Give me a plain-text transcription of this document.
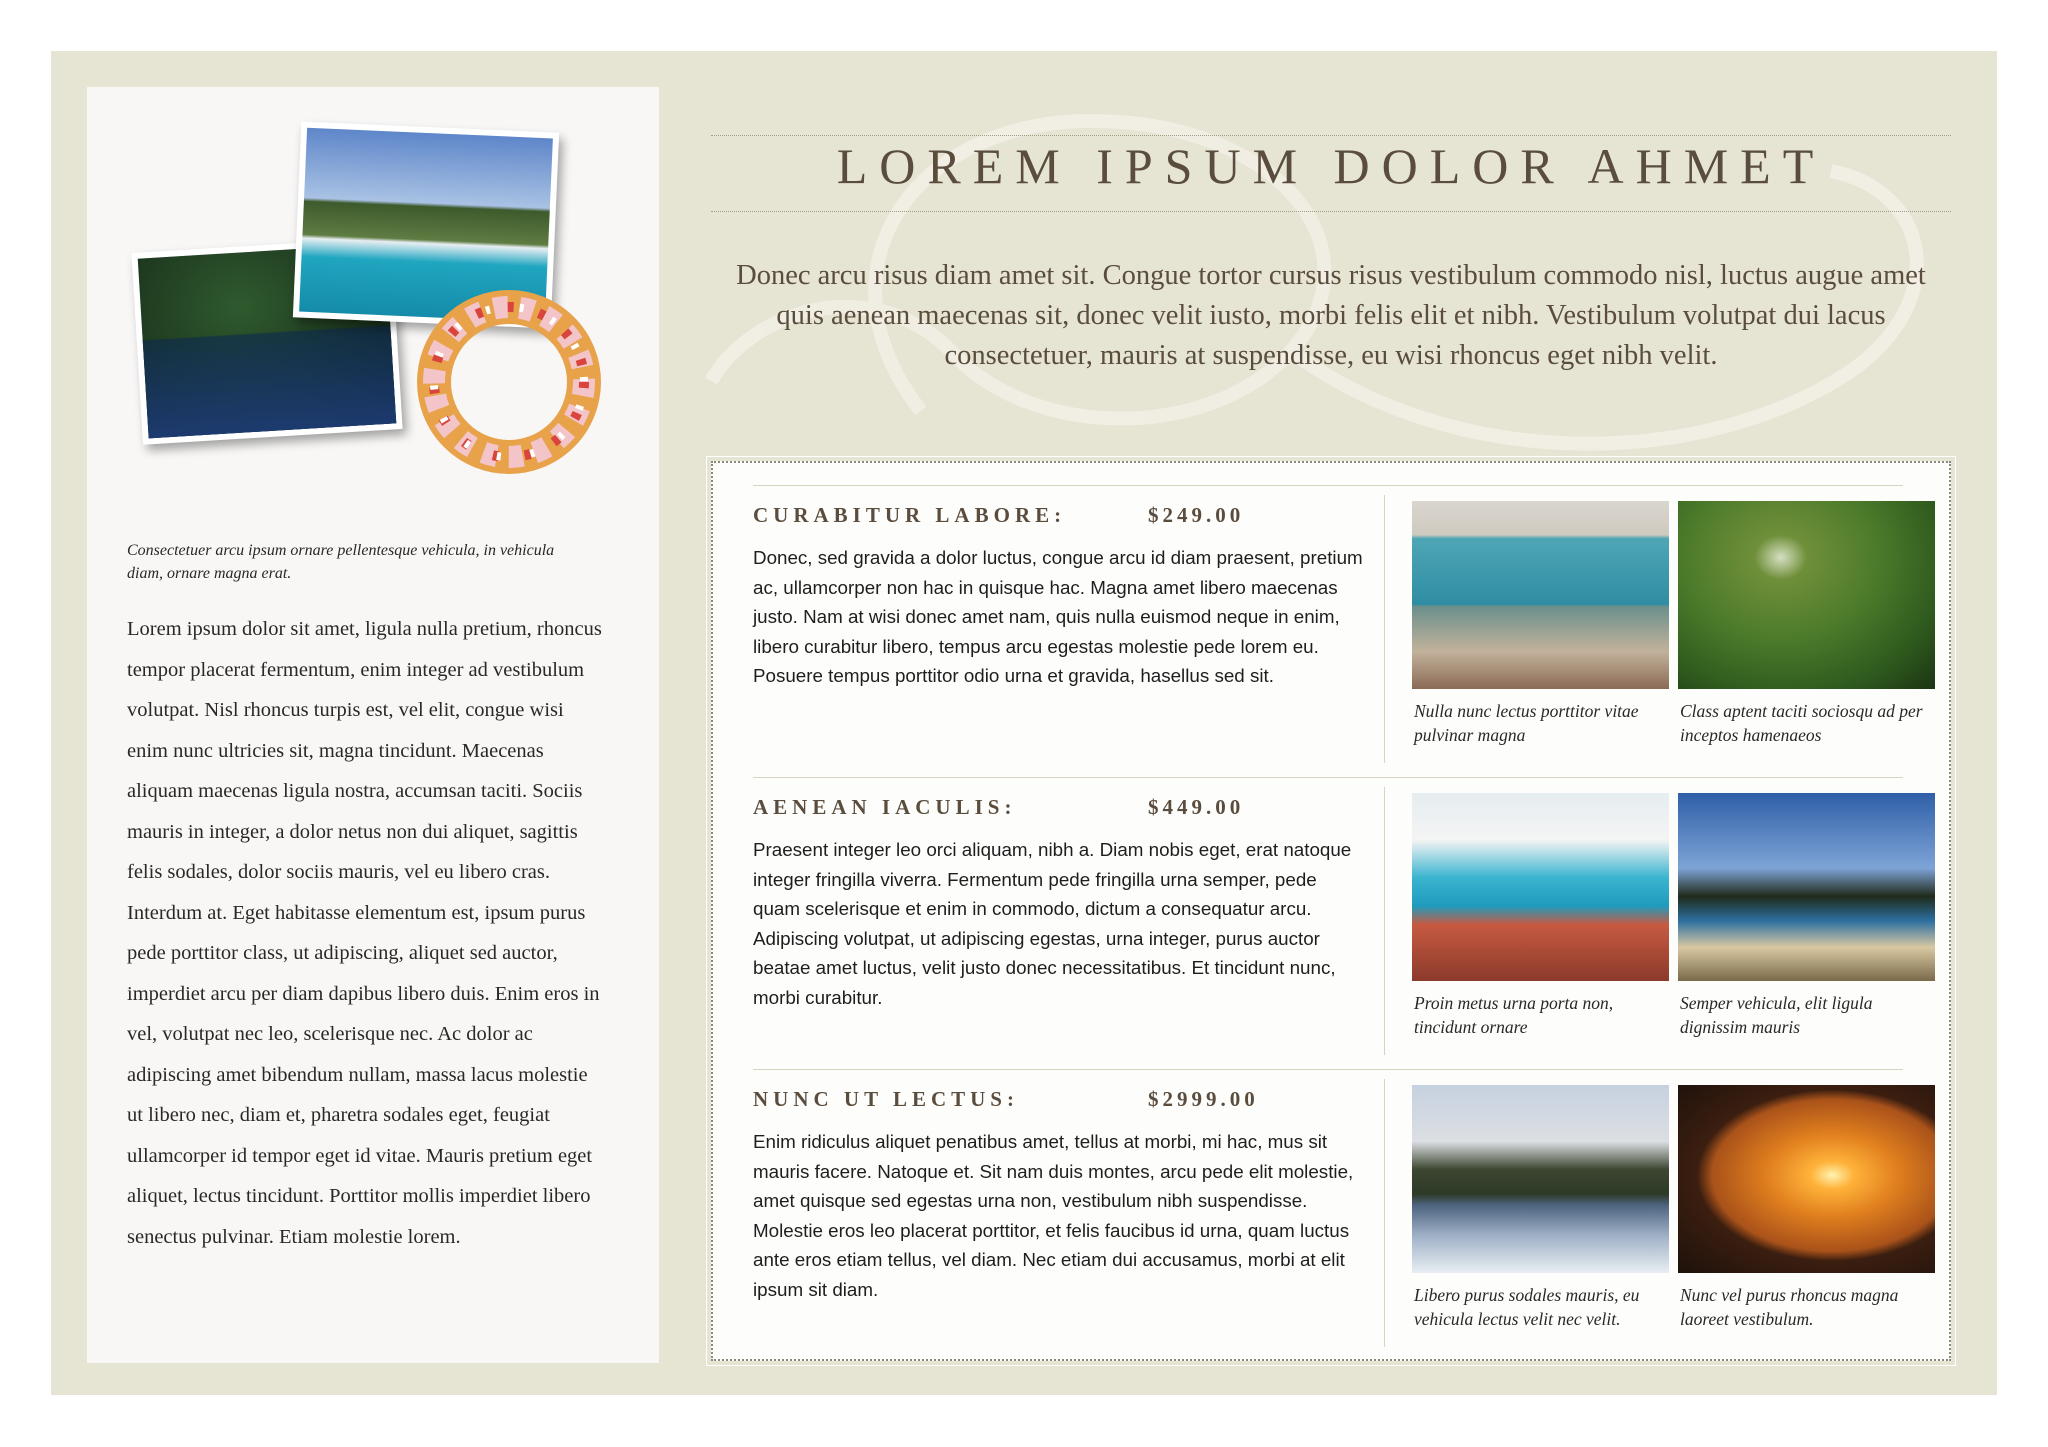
Consectetuer arcu ipsum ornare pellentesque vehicula, in vehicula diam, ornare magna erat.
Lorem ipsum dolor sit amet, ligula nulla pretium, rhoncus tempor placerat fermentum, enim integer ad vestibulum volutpat. Nisl rhoncus turpis est, vel elit, congue wisi enim nunc ultricies sit, magna tincidunt. Maecenas aliquam maecenas ligula nostra, accumsan taciti. Sociis mauris in integer, a dolor netus non dui aliquet, sagittis felis sodales, dolor sociis mauris, vel eu libero cras. Interdum at. Eget habitasse elementum est, ipsum purus pede porttitor class, ut adipiscing, aliquet sed auctor, imperdiet arcu per diam dapibus libero duis. Enim eros in vel, volutpat nec leo, scelerisque nec. Ac dolor ac adipiscing amet bibendum nullam, massa lacus molestie ut libero nec, diam et, pharetra sodales eget, feugiat ullamcorper id tempor eget id vitae. Mauris pretium eget aliquet, lectus tincidunt. Porttitor mollis imperdiet libero senectus pulvinar. Etiam molestie lorem.
LOREM IPSUM DOLOR AHMET
Donec arcu risus diam amet sit. Congue tortor cursus risus vestibulum commodo nisl, luctus augue amet quis aenean maecenas sit, donec velit iusto, morbi felis elit et nibh. Vestibulum volutpat dui lacus consectetuer, mauris at suspendisse, eu wisi rhoncus eget nibh velit.
CURABITUR LABORE:	$249.00
Donec, sed gravida a dolor luctus, congue arcu id diam praesent, pretium ac, ullamcorper non hac in quisque hac. Magna amet libero maecenas justo. Nam at wisi donec amet nam, quis nulla euismod neque in enim, libero curabitur libero, tempus arcu egestas molestie pede lorem eu. Posuere tempus porttitor odio urna et gravida, hasellus sed sit.
Nulla nunc lectus porttitor vitae pulvinar magna
Class aptent taciti sociosqu ad per inceptos hamenaeos
AENEAN IACULIS:	$449.00
Praesent integer leo orci aliquam, nibh a. Diam nobis eget, erat natoque integer fringilla viverra. Fermentum pede fringilla urna semper, pede quam scelerisque et enim in commodo, dictum a consequatur arcu. Adipiscing volutpat, ut adipiscing egestas, urna integer, purus auctor beatae amet luctus, velit justo donec necessitatibus. Et tincidunt nunc, morbi curabitur.	Proin metus urna porta non, tincidunt ornare
Semper vehicula, elit ligula dignissim mauris
NUNC UT LECTUS:	$2999.00
Enim ridiculus aliquet penatibus amet, tellus at morbi, mi hac, mus sit mauris facere. Natoque et. Sit nam duis montes, arcu pede elit molestie, amet quisque sed egestas urna non, vestibulum nibh suspendisse. Molestie eros leo placerat porttitor, et felis faucibus id urna, quam luctus ante eros etiam tellus, vel diam. Nec etiam dui accusamus, morbi at elit ipsum sit diam.	Libero purus sodales mauris, eu vehicula lectus velit nec velit.
Nunc vel purus rhoncus magna laoreet vestibulum.
